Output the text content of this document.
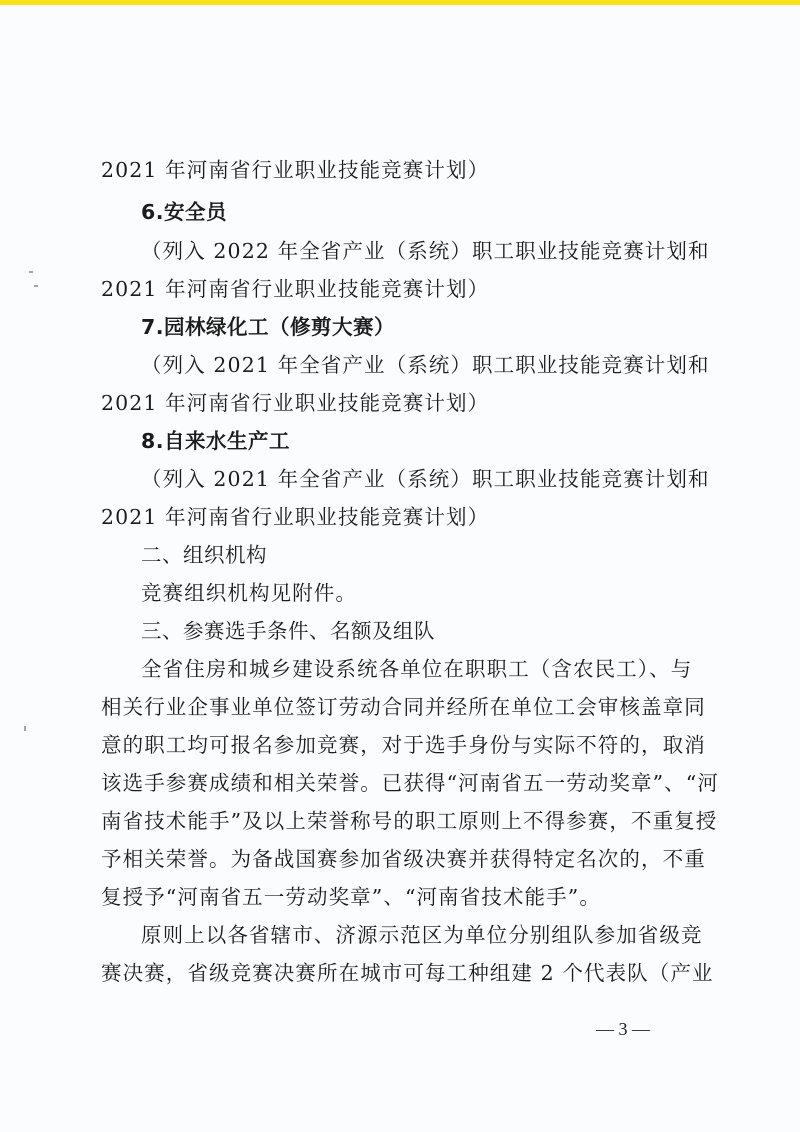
2021 年河南省行业职业技能竞赛计划）
6.安全员
（列入 2022 年全省产业（系统）职工职业技能竞赛计划和
2021 年河南省行业职业技能竞赛计划）
7.园林绿化工（修剪大赛）
（列入 2021 年全省产业（系统）职工职业技能竞赛计划和
2021 年河南省行业职业技能竞赛计划）
8.自来水生产工
（列入 2021 年全省产业（系统）职工职业技能竞赛计划和
2021 年河南省行业职业技能竞赛计划）
二、组织机构
竞赛组织机构见附件。
三、参赛选手条件、名额及组队
全省住房和城乡建设系统各单位在职职工（含农民工）、与
相关行业企事业单位签订劳动合同并经所在单位工会审核盖章同
意的职工均可报名参加竞赛，对于选手身份与实际不符的，取消
该选手参赛成绩和相关荣誉。已获得“河南省五一劳动奖章”、“河
南省技术能手”及以上荣誉称号的职工原则上不得参赛，不重复授
予相关荣誉。为备战国赛参加省级决赛并获得特定名次的，不重
复授予“河南省五一劳动奖章”、“河南省技术能手”。
原则上以各省辖市、济源示范区为单位分别组队参加省级竞
赛决赛，省级竞赛决赛所在城市可每工种组建 2 个代表队（产业
— 3 —
